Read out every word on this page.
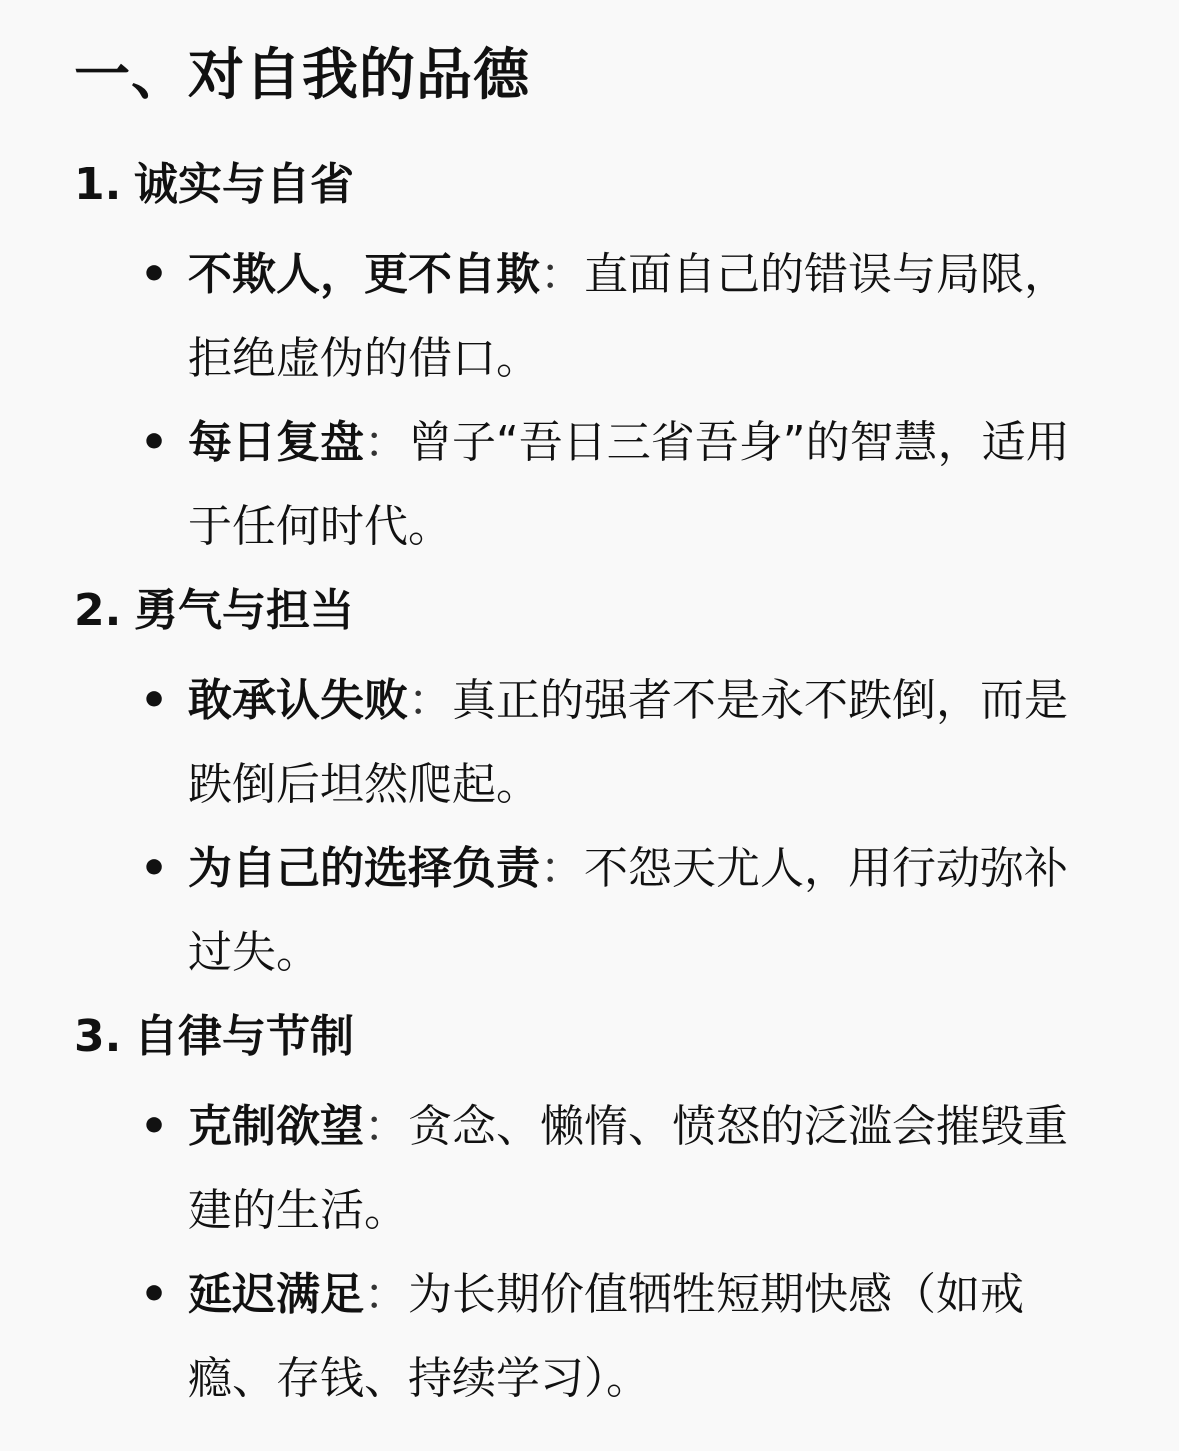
一、对自我的品德
1. 诚实与自省
• 不欺人，更不自欺：直面自己的错误与局限，拒绝虚伪的借口。
• 每日复盘：曾子“吾日三省吾身”的智慧，适用于任何时代。
2. 勇气与担当
• 敢承认失败：真正的强者不是永不跌倒，而是跌倒后坦然爬起。
• 为自己的选择负责：不怨天尤人，用行动弥补过失。
3. 自律与节制
• 克制欲望：贪念、懒惰、愤怒的泛滥会摧毁重建的生活。
• 延迟满足：为长期价值牺牲短期快感（如戒瘾、存钱、持续学习）。
